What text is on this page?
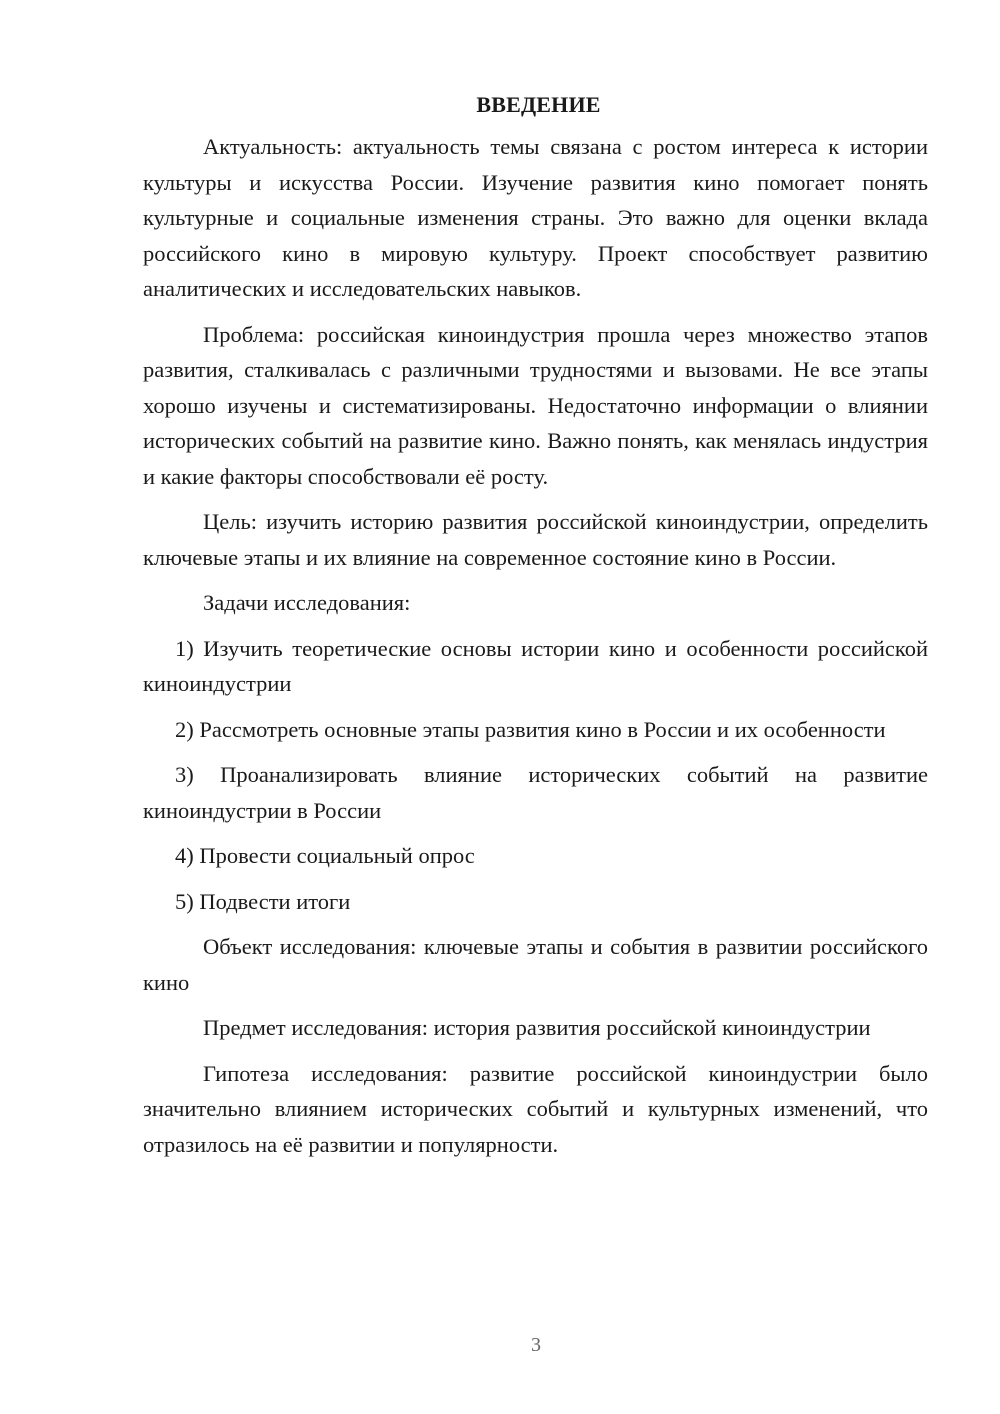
ВВЕДЕНИЕ

Актуальность: актуальность темы связана с ростом интереса к истории культуры и искусства России. Изучение развития кино помогает понять культурные и социальные изменения страны. Это важно для оценки вклада российского кино в мировую культуру. Проект способствует развитию аналитических и исследовательских навыков.

Проблема: российская киноиндустрия прошла через множество этапов развития, сталкивалась с различными трудностями и вызовами. Не все этапы хорошо изучены и систематизированы. Недостаточно информации о влиянии исторических событий на развитие кино. Важно понять, как менялась индустрия и какие факторы способствовали её росту.

Цель: изучить историю развития российской киноиндустрии, определить ключевые этапы и их влияние на современное состояние кино в России.

Задачи исследования:

1) Изучить теоретические основы истории кино и особенности российской киноиндустрии

2) Рассмотреть основные этапы развития кино в России и их особенности

3) Проанализировать влияние исторических событий на развитие киноиндустрии в России

4) Провести социальный опрос

5) Подвести итоги

Объект исследования: ключевые этапы и события в развитии российского кино

Предмет исследования: история развития российской киноиндустрии

Гипотеза исследования: развитие российской киноиндустрии было значительно влиянием исторических событий и культурных изменений, что отразилось на её развитии и популярности.

3
